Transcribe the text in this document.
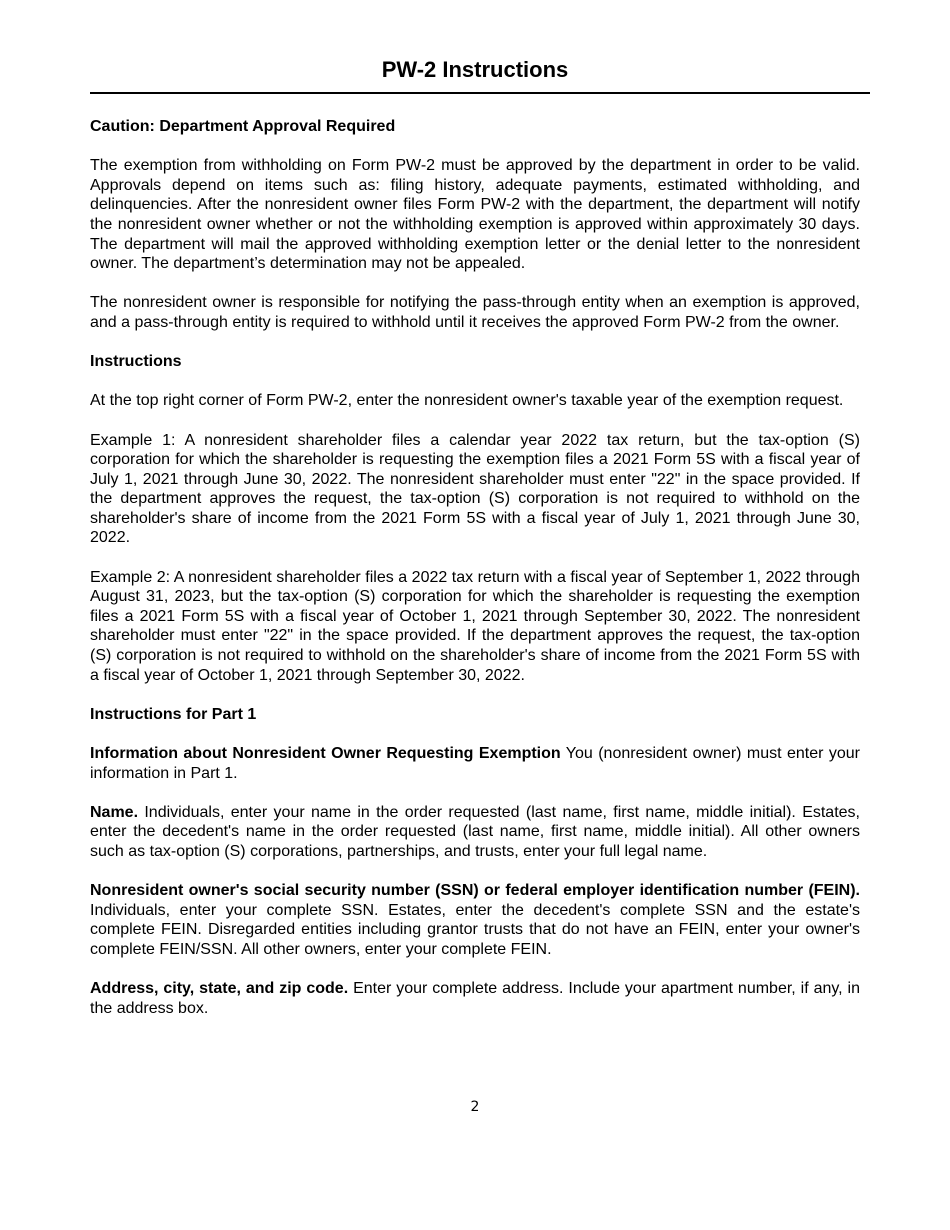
PW-2 Instructions

Caution: Department Approval Required

The exemption from withholding on Form PW-2 must be approved by the department in order to be valid. Approvals depend on items such as: filing history, adequate payments, estimated withholding, and delinquencies. After the nonresident owner files Form PW-2 with the department, the department will notify the nonresident owner whether or not the withholding exemption is approved within approximately 30 days. The department will mail the approved withholding exemption letter or the denial letter to the nonresident owner. The department’s determination may not be appealed.

The nonresident owner is responsible for notifying the pass-through entity when an exemption is approved, and a pass-through entity is required to withhold until it receives the approved Form PW-2 from the owner.

Instructions

At the top right corner of Form PW-2, enter the nonresident owner's taxable year of the exemption request.

Example 1: A nonresident shareholder files a calendar year 2022 tax return, but the tax-option (S) corporation for which the shareholder is requesting the exemption files a 2021 Form 5S with a fiscal year of July 1, 2021 through June 30, 2022. The nonresident shareholder must enter "22" in the space provided. If the department approves the request, the tax-option (S) corporation is not required to withhold on the shareholder's share of income from the 2021 Form 5S with a fiscal year of July 1, 2021 through June 30, 2022.

Example 2: A nonresident shareholder files a 2022 tax return with a fiscal year of September 1, 2022 through August 31, 2023, but the tax-option (S) corporation for which the shareholder is requesting the exemption files a 2021 Form 5S with a fiscal year of October 1, 2021 through September 30, 2022. The nonresident shareholder must enter "22" in the space provided. If the department approves the request, the tax-option (S) corporation is not required to withhold on the shareholder's share of income from the 2021 Form 5S with a fiscal year of October 1, 2021 through September 30, 2022.

Instructions for Part 1

Information about Nonresident Owner Requesting Exemption You (nonresident owner) must enter your information in Part 1.

Name. Individuals, enter your name in the order requested (last name, first name, middle initial). Estates, enter the decedent's name in the order requested (last name, first name, middle initial). All other owners such as tax-option (S) corporations, partnerships, and trusts, enter your full legal name.

Nonresident owner's social security number (SSN) or federal employer identification number (FEIN). Individuals, enter your complete SSN. Estates, enter the decedent's complete SSN and the estate's complete FEIN. Disregarded entities including grantor trusts that do not have an FEIN, enter your owner's complete FEIN/SSN. All other owners, enter your complete FEIN.

Address, city, state, and zip code. Enter your complete address. Include your apartment number, if any, in the address box.

2
